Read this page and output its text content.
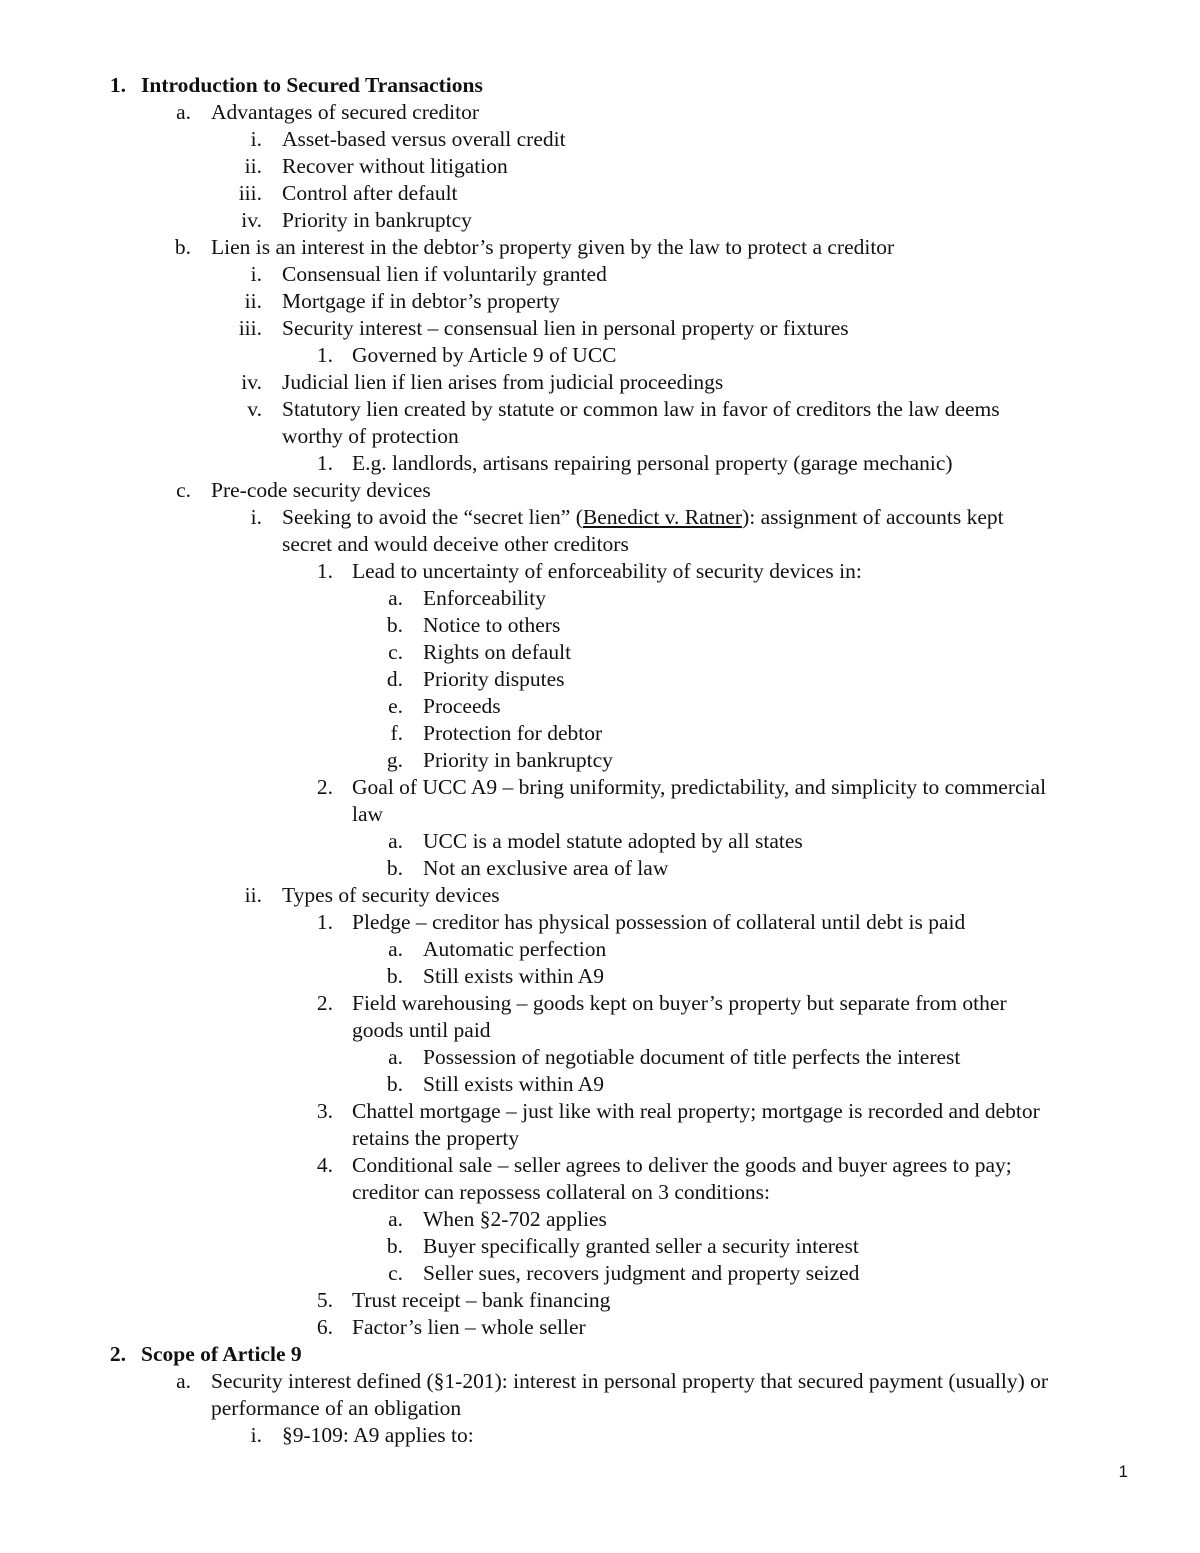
1. Introduction to Secured Transactions
a. Advantages of secured creditor
i. Asset-based versus overall credit
ii. Recover without litigation
iii. Control after default
iv. Priority in bankruptcy
b. Lien is an interest in the debtor’s property given by the law to protect a creditor
i. Consensual lien if voluntarily granted
ii. Mortgage if in debtor’s property
iii. Security interest – consensual lien in personal property or fixtures
1. Governed by Article 9 of UCC
iv. Judicial lien if lien arises from judicial proceedings
v. Statutory lien created by statute or common law in favor of creditors the law deems
worthy of protection
1. E.g. landlords, artisans repairing personal property (garage mechanic)
c. Pre-code security devices
i. Seeking to avoid the “secret lien” (Benedict v. Ratner): assignment of accounts kept
secret and would deceive other creditors
1. Lead to uncertainty of enforceability of security devices in:
a. Enforceability
b. Notice to others
c. Rights on default
d. Priority disputes
e. Proceeds
f. Protection for debtor
g. Priority in bankruptcy
2. Goal of UCC A9 – bring uniformity, predictability, and simplicity to commercial
law
a. UCC is a model statute adopted by all states
b. Not an exclusive area of law
ii. Types of security devices
1. Pledge – creditor has physical possession of collateral until debt is paid
a. Automatic perfection
b. Still exists within A9
2. Field warehousing – goods kept on buyer’s property but separate from other
goods until paid
a. Possession of negotiable document of title perfects the interest
b. Still exists within A9
3. Chattel mortgage – just like with real property; mortgage is recorded and debtor
retains the property
4. Conditional sale – seller agrees to deliver the goods and buyer agrees to pay;
creditor can repossess collateral on 3 conditions:
a. When §2-702 applies
b. Buyer specifically granted seller a security interest
c. Seller sues, recovers judgment and property seized
5. Trust receipt – bank financing
6. Factor’s lien – whole seller
2. Scope of Article 9
a. Security interest defined (§1-201): interest in personal property that secured payment (usually) or
performance of an obligation
i. §9-109: A9 applies to:
1
